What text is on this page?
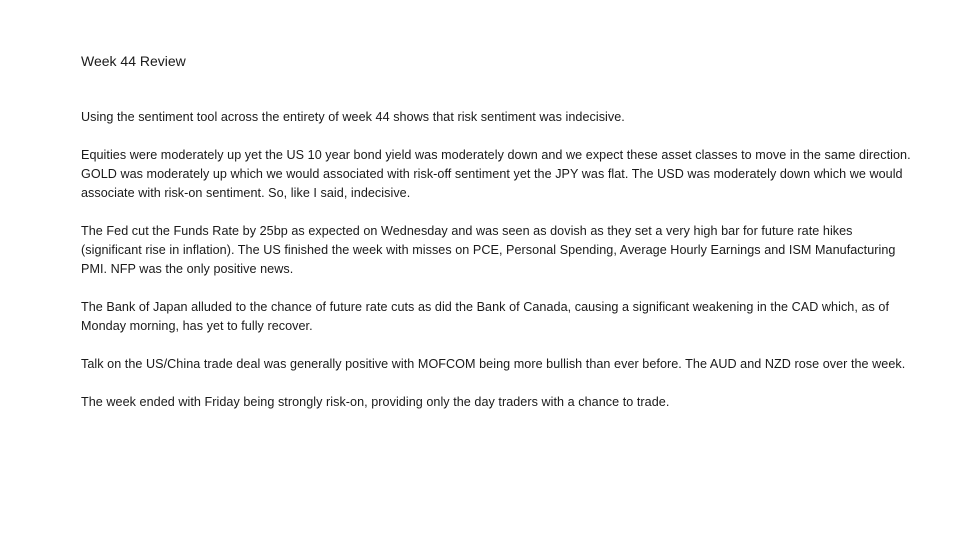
Week 44 Review

Using the sentiment tool across the entirety of week 44 shows that risk sentiment was indecisive.

Equities were moderately up yet the US 10 year bond yield was moderately down and we expect these asset classes to move in the same direction. GOLD was moderately up which we would associated with risk-off sentiment yet the JPY was flat. The USD was moderately down which we would associate with risk-on sentiment. So, like I said, indecisive.

The Fed cut the Funds Rate by 25bp as expected on Wednesday and was seen as dovish as they set a very high bar for future rate hikes (significant rise in inflation). The US finished the week with misses on PCE, Personal Spending, Average Hourly Earnings and ISM Manufacturing PMI. NFP was the only positive news.

The Bank of Japan alluded to the chance of future rate cuts as did the Bank of Canada, causing a significant weakening in the CAD which, as of Monday morning, has yet to fully recover.

Talk on the US/China trade deal was generally positive with MOFCOM being more bullish than ever before. The AUD and NZD rose over the week.

The week ended with Friday being strongly risk-on, providing only the day traders with a chance to trade.
